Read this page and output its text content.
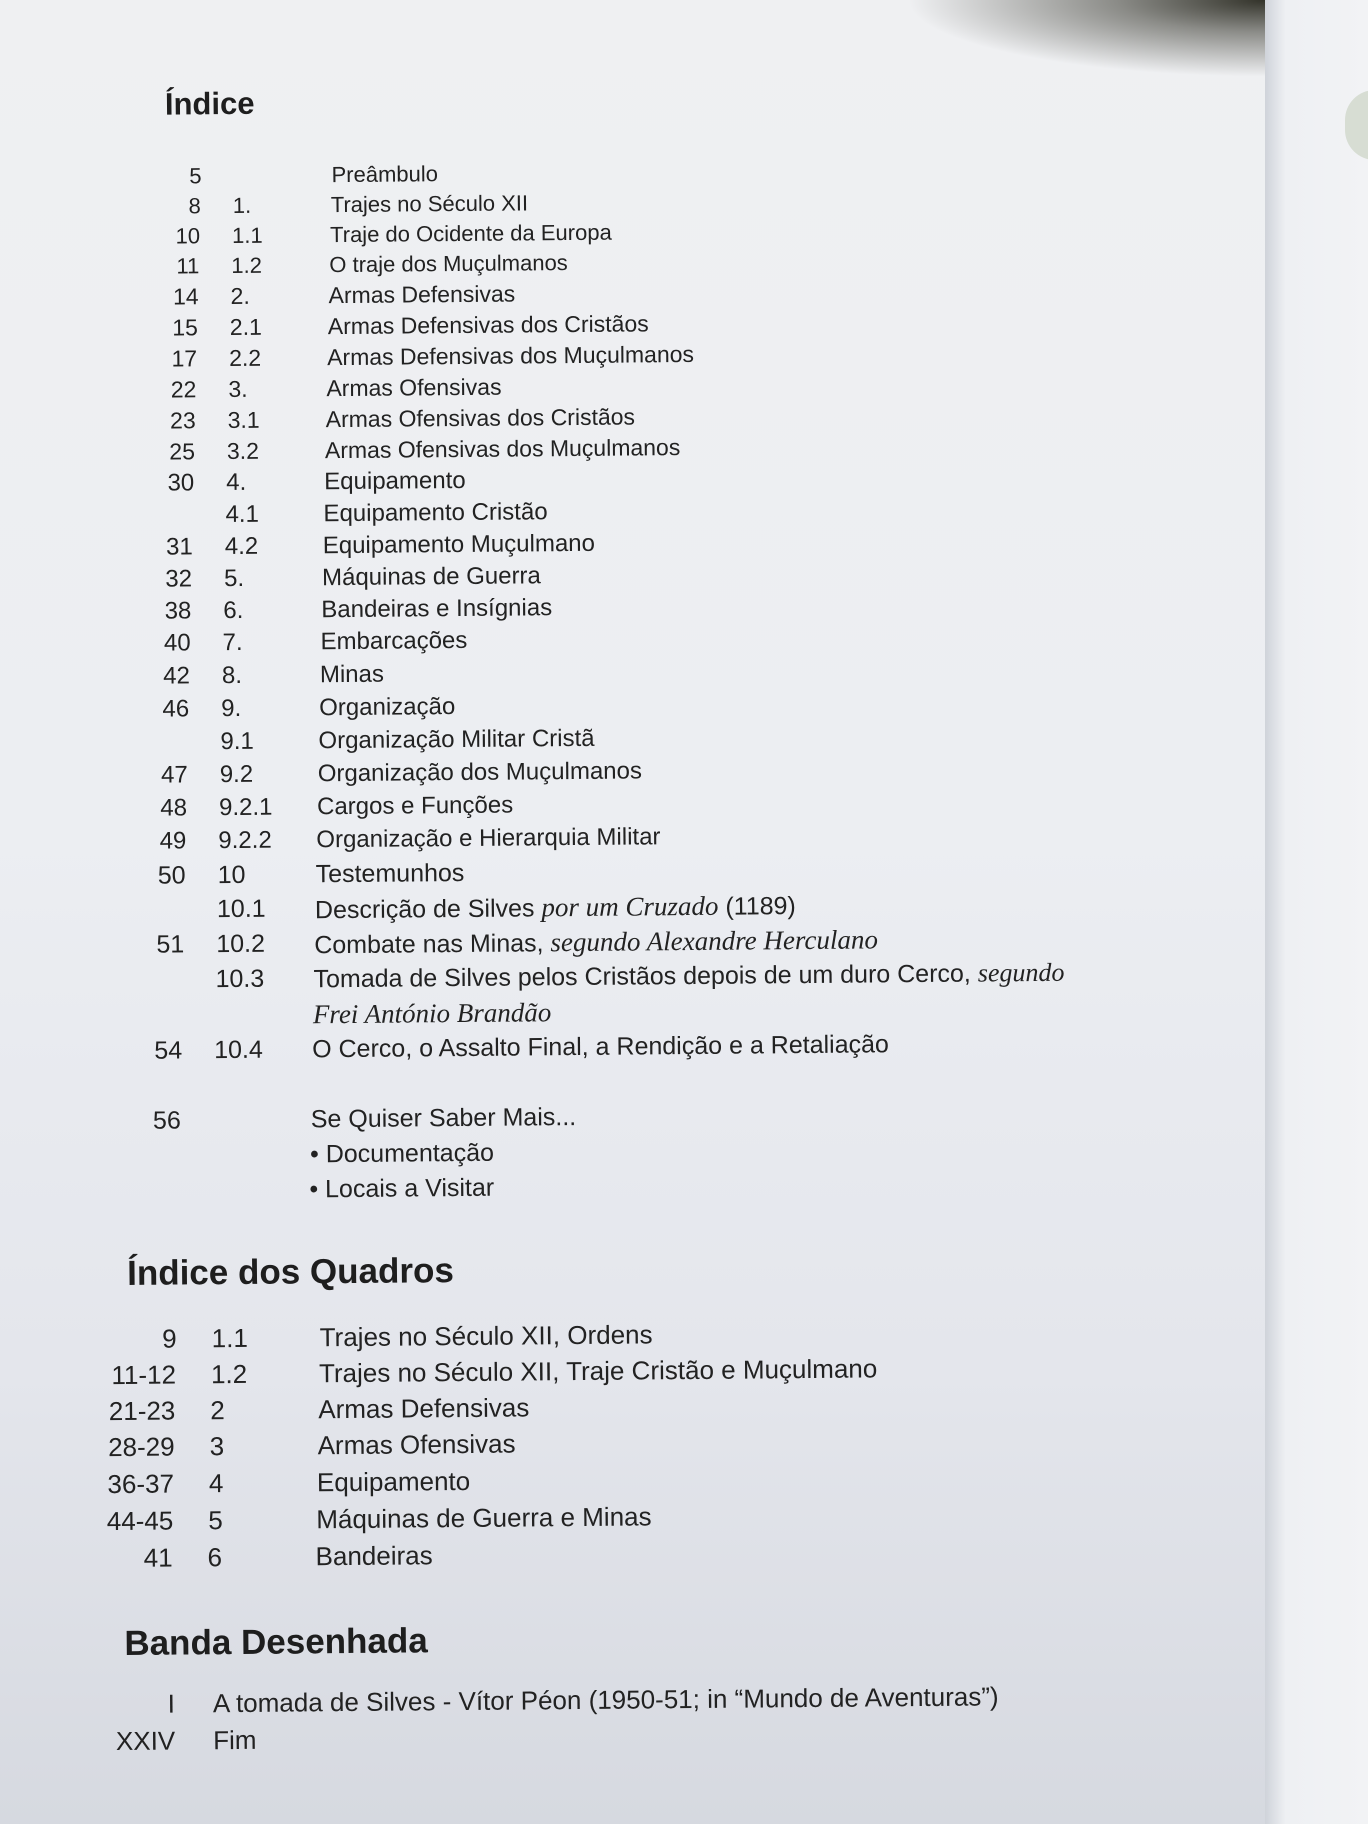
Índice
5	Preâmbulo
8 1.	Trajes no Século XII
10 1.1	Traje do Ocidente da Europa
11 1.2	O traje dos Muçulmanos
14 2.	Armas Defensivas
15 2.1	Armas Defensivas dos Cristãos
17 2.2	Armas Defensivas dos Muçulmanos
22 3.	Armas Ofensivas
23 3.1	Armas Ofensivas dos Cristãos
25 3.2	Armas Ofensivas dos Muçulmanos
30 4.	Equipamento
4.1	Equipamento Cristão
31 4.2	Equipamento Muçulmano
32 5.	Máquinas de Guerra
38 6.	Bandeiras e Insígnias
40 7.	Embarcações
42 8.	Minas
46 9.	Organização
9.1	Organização Militar Cristã
47 9.2	Organização dos Muçulmanos
48 9.2.1 Cargos e Funções
49 9.2.2 Organização e Hierarquia Militar
50 10	Testemunhos
10.1 Descrição de Silves por um Cruzado (1189)
51 10.2 Combate nas Minas, segundo Alexandre Herculano
10.3 Tomada de Silves pelos Cristãos depois de um duro Cerco, segundo
Frei António Brandão
54 10.4 O Cerco, o Assalto Final, a Rendição e a Retaliação
56	Se Quiser Saber Mais...
• Documentação
• Locais a Visitar
Índice dos Quadros
9 1.1	Trajes no Século XII, Ordens
11-12 1.2	Trajes no Século XII, Traje Cristão e Muçulmano
21-23 2	Armas Defensivas
28-29 3	Armas Ofensivas
36-37 4	Equipamento
44-45 5	Máquinas de Guerra e Minas
41 6	Bandeiras
Banda Desenhada
I A tomada de Silves - Vítor Péon (1950-51; in “Mundo de Aventuras”)
XXIV Fim
